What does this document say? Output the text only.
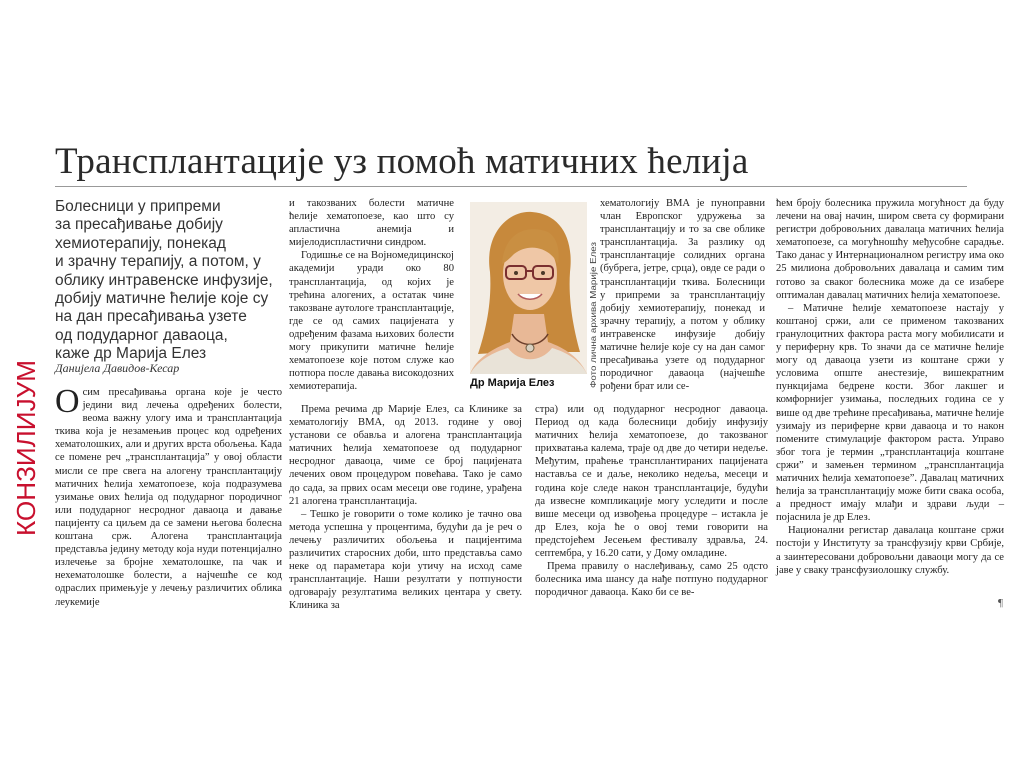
Трансплантације уз помоћ матичних ћелија
КОНЗИЛИЈУМ
Болесници у припреми
за пресађивање добију
хемиотерапију, понекад
и зрачну терапију, а потом, у
облику интравенске инфузије,
добију матичне ћелије које су
на дан пресађивања узете
од подударног даваоца,
каже др Марија Елез
Данијела Давидов-Кесар

Осим пресађивања органа које је често једини вид лечења одређених болести, веома важну улогу има и трансплантација ткива која је незамењив процес код одређених хематолошких, али и других врста обољења. Када се помене реч „трансплантација” у овој области мисли се пре свега на алогену трансплантацију матичних ћелија хематопоезе, која подразумева узимање ових ћелија од подударног породичног или подударног несродног даваоца и давање пацијенту са циљем да се замени његова болесна коштана срж. Алогена трансплантација представља једину методу која нуди потенцијално излечење за бројне хематолошке, па чак и нехематолошке болести, а најчешће се код одраслих примењује у лечењу различитих облика леукемије

и такозваних болести матичне ћелије хематопоезе, као што су апластична анемија и мијелодиспластични синдром.

Годишње се на Војномедицинској академији уради око 80 трансплантација, од којих је трећина алогених, а остатак чине такозване аутологе трансплантације, где се од самих пацијената у одређеним фазама њихових болести могу прикупити матичне ћелије хематопоезе које потом служе као потпора после давања високодозних хемиотерапија.

Према речима др Марије Елез, са Клинике за хематологију ВМА, од 2013. године у овој установи се обавља и алогена трансплантација матичних ћелија хематопоезе од подударног несродног даваоца, чиме се број пацијената лечених овом процедуром повећава. Тако је само до сада, за првих осам месеци ове године, урађена 21 алогена трансплантација.

– Тешко је говорити о томе колико је тачно ова метода успешна у процентима, будући да је реч о лечењу различитих обољења и пацијентима различитих старосних доби, што представља само неке од параметара који утичу на исход саме трансплантације. Наши резултати у потпуности одговарају резултатима великих центара у свету. Клиника за

Фото лична архива Марије Елез
Др Марија Елез

хематологију ВМА је пуноправни члан Европског удружења за трансплантацију и то за све облике трансплантација. За разлику од трансплантације солидних органа (бубрега, јетре, срца), овде се ради о трансплантацији ткива. Болесници у припреми за трансплантацију добију хемиотерапију, понекад и зрачну терапију, а потом у облику интравенске инфузије добију матичне ћелије које су на дан самог пресађивања узете од подударног породичног даваоца (најчешће рођени брат или се-

стра) или од подударног несродног даваоца. Период од када болесници добију инфузију матичних ћелија хематопоезе, до такозваног прихватања калема, траје од две до четири недеље. Међутим, праћење трансплантираних пацијената наставља се и даље, неколико недеља, месеци и година које следе након трансплантације, будући да извесне компликације могу уследити и после више месеци од извођења процедуре – истакла је др Елез, која ће о овој теми говорити на предстојећем Јесењем фестивалу здравља, 24. септембра, у 16.20 сати, у Дому омладине.

Према правилу о наслеђивању, само 25 одсто болесника има шансу да нађе потпуно подударног породичног даваоца. Како би се ве-

ћем броју болесника пружила могућност да буду лечени на овај начин, широм света су формирани регистри добровољних давалаца матичних ћелија хематопоезе, са могућношћу међусобне сарадње. Тако данас у Интернационалном регистру има око 25 милиона добровољних давалаца и самим тим готово за сваког болесника може да се изабере оптималан давалац матичних ћелија хематопоезе.

– Матичне ћелије хематопоезе настају у коштаној сржи, али се применом такозваних гранулоцитних фактора раста могу мобилисати и у периферну крв. То значи да се матичне ћелије могу од даваоца узети из коштане сржи у условима опште анестезије, вишекратним пункцијама бедрене кости. Због лакшег и комфорнијег узимања, последњих година се у више од две трећине пресађивања, матичне ћелије узимају из периферне крви даваоца и то након помените стимулације фактором раста. Управо због тога је термин „трансплантација коштане сржи” и замењен термином „трансплантација матичних ћелија хематопоезе”. Давалац матичних ћелија за трансплантацију може бити свака особа, а предност имају млађи и здрави људи – појаснила је др Елез.

Национални регистар давалаца коштане сржи постоји у Институту за трансфузију крви Србије, а заинтересовани добровољни даваоци могу да се јаве у сваку трансфузиолошку службу.

¶
